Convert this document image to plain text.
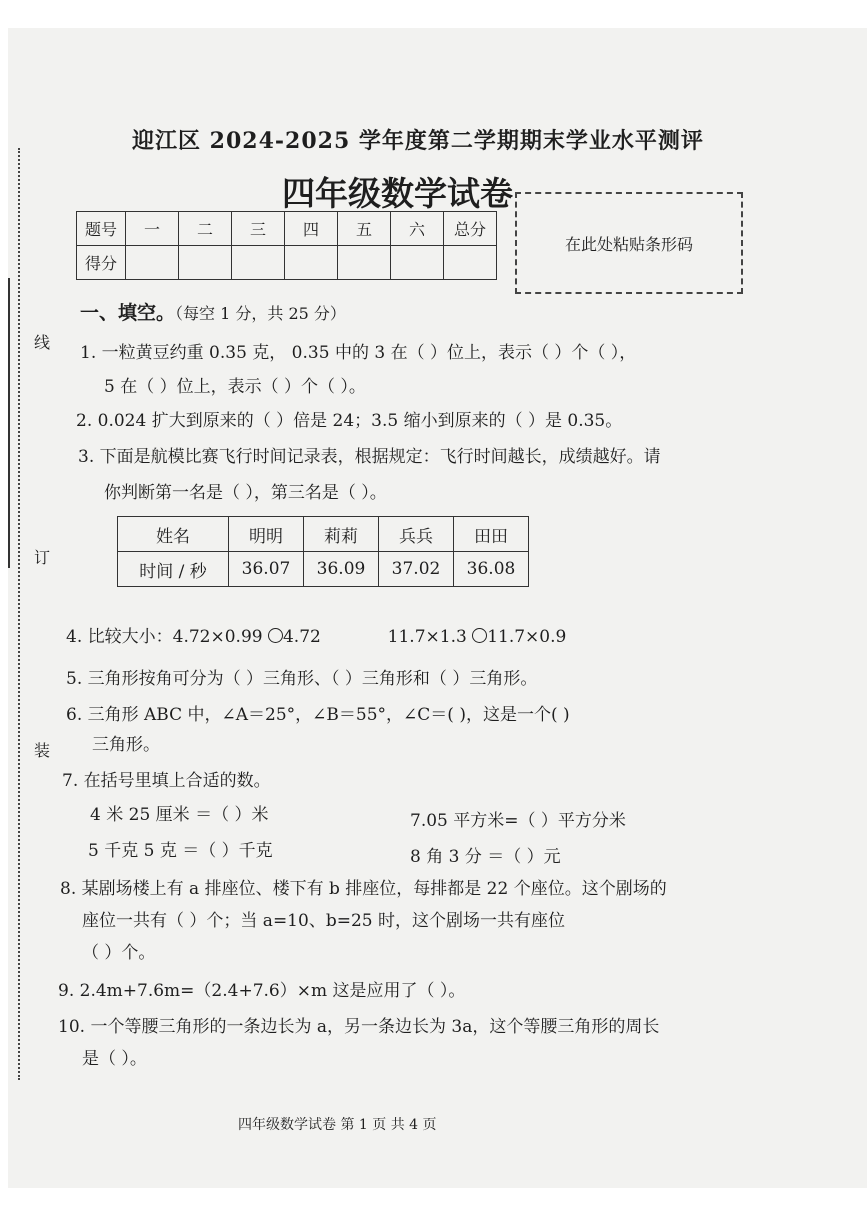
线
订
装
迎江区 2024-2025 学年度第二学期期末学业水平测评
四年级数学试卷
题号	一	二	三	四	五	六	总分
得分							
在此处粘贴条形码
一、填空。（每空 1 分，共 25 分）
1. 一粒黄豆约重 0.35 克， 0.35 中的 3 在（ ）位上，表示（ ）个（ ），
5 在（ ）位上，表示（ ）个（ ）。
2. 0.024 扩大到原来的（ ）倍是 24；3.5 缩小到原来的（ ）是 0.35。
3. 下面是航模比赛飞行时间记录表，根据规定：飞行时间越长，成绩越好。请
你判断第一名是（ ），第三名是（ ）。
姓名	明明	莉莉	兵兵	田田
时间 / 秒	36.07	36.09	37.02	36.08
4. 比较大小：4.72×0.99 4.72	11.7×1.3 11.7×0.9
5. 三角形按角可分为（ ）三角形、（ ）三角形和（ ）三角形。
6. 三角形 ABC 中，∠A＝25°，∠B＝55°，∠C＝( )，这是一个( )
三角形。
7. 在括号里填上合适的数。
4 米 25 厘米 ＝（ ）米	7.05 平方米=（ ）平方分米
5 千克 5 克 ＝（ ）千克	8 角 3 分 ＝（ ）元
8. 某剧场楼上有 a 排座位、楼下有 b 排座位，每排都是 22 个座位。这个剧场的
座位一共有（ ）个；当 a=10、b=25 时，这个剧场一共有座位
（ ）个。
9. 2.4m+7.6m=（2.4+7.6）×m 这是应用了（ ）。
10. 一个等腰三角形的一条边长为 a，另一条边长为 3a，这个等腰三角形的周长
是（ ）。
四年级数学试卷 第 1 页 共 4 页
